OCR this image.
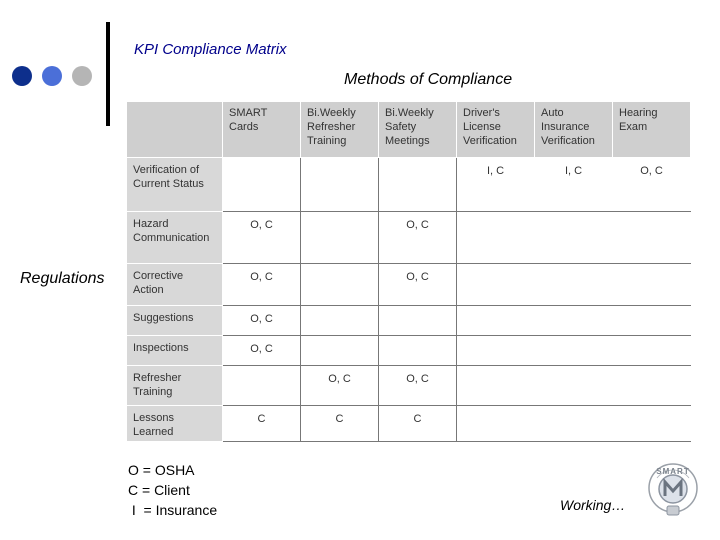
KPI Compliance Matrix
Methods of Compliance
Regulations
	SMART Cards	Bi.Weekly Refresher Training	Bi.Weekly Safety Meetings	Driver's License Verification	Auto Insurance Verification	Hearing Exam
Verification of Current Status				I, C	I, C	O, C
Hazard Communication	O, C		O, C			
Corrective Action	O, C		O, C			
Suggestions	O, C					
Inspections	O, C					
Refresher Training		O, C	O, C			
Lessons Learned	C	C	C			
O = OSHA
C = Client
I  = Insurance	Working…
SMART
